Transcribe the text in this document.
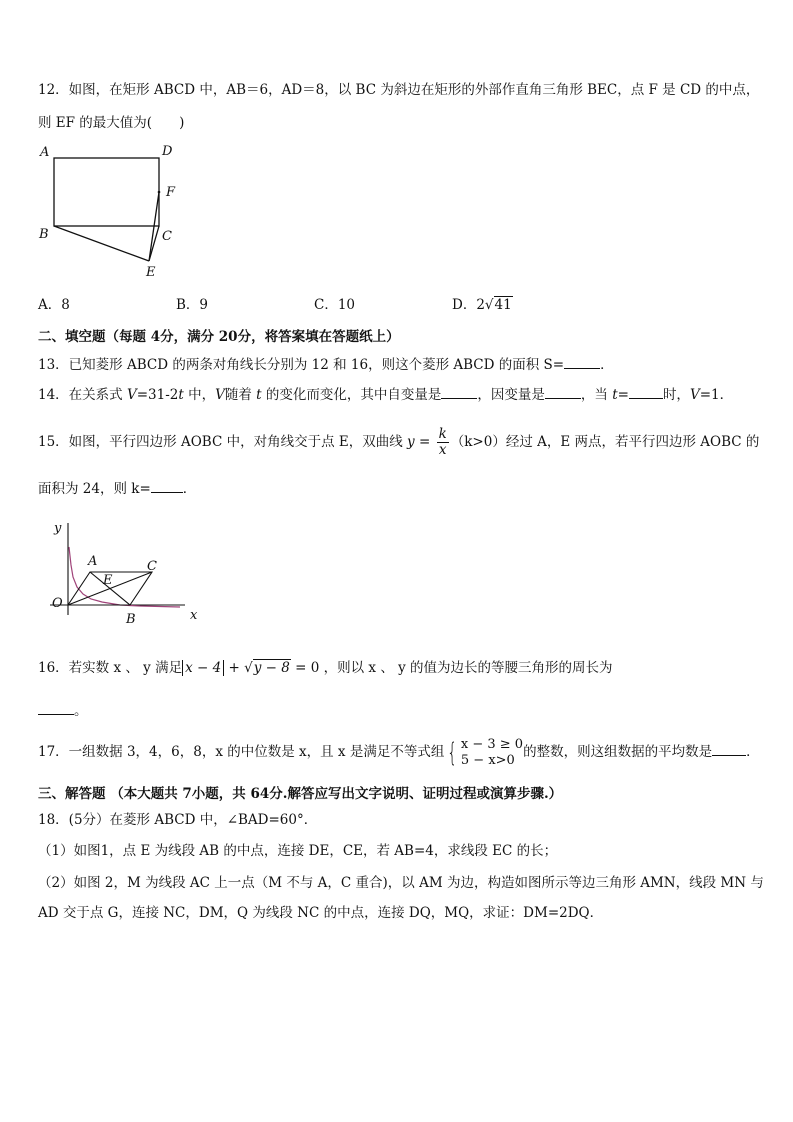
12．如图，在矩形 ABCD 中，AB＝6，AD＝8，以 BC 为斜边在矩形的外部作直角三角形 BEC，点 F 是 CD 的中点，
则 EF 的最大值为(　　)
A	D
F
B	C
E
A．8	B．9	C．10	D．2√41
二、填空题（每题 4分，满分 20分，将答案填在答题纸上）
13．已知菱形 ABCD 的两条对角线长分别为 12 和 16，则这个菱形 ABCD 的面积 S=	．
14．在关系式 V=31-2t 中，V随着 t 的变化而变化，其中自变量是	，因变量是	，当 t=	时，V=1．
15．如图，平行四边形 AOBC 中，对角线交于点 E，双曲线 $y = \frac{k}{x} (k>0)$经过 A，E 两点，若平行四边形 AOBC 的
面积为 24，则 k= ．
y
x
O
A
E
C
B
16．若实数 x 、 y 满足 x − 4 + √y − 8 = 0 ，则以 x 、 y 的值为边长的等腰三角形的周长为
。
17．一组数据 3，4，6，8，x 的中位数是 x，且 x 是满足不等式组 { x − 3 ≥ 0
5 − x>0 的整数，则这组数据的平均数是	．
三、解答题 （本大题共 7小题，共 64分.解答应写出文字说明、证明过程或演算步骤.）
18．(5分）在菱形 ABCD 中，∠BAD=60°．
（1）如图1，点 E 为线段 AB 的中点，连接 DE，CE，若 AB=4，求线段 EC 的长；
（2）如图 2，M 为线段 AC 上一点（M 不与 A，C 重合)，以 AM 为边，构造如图所示等边三角形 AMN，线段 MN 与
AD 交于点 G，连接 NC，DM，Q 为线段 NC 的中点，连接 DQ，MQ，求证：DM=2DQ．
